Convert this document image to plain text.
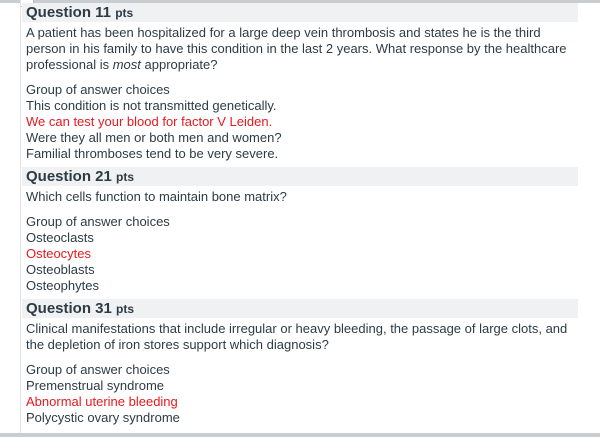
Question 11 pts
A patient has been hospitalized for a large deep vein thrombosis and states he is the third person in his family to have this condition in the last 2 years. What response by the healthcare professional is most appropriate?
Group of answer choices
This condition is not transmitted genetically.
We can test your blood for factor V Leiden.
Were they all men or both men and women?
Familial thromboses tend to be very severe.
Question 21 pts
Which cells function to maintain bone matrix?
Group of answer choices
Osteoclasts
Osteocytes
Osteoblasts
Osteophytes
Question 31 pts
Clinical manifestations that include irregular or heavy bleeding, the passage of large clots, and the depletion of iron stores support which diagnosis?
Group of answer choices
Premenstrual syndrome
Abnormal uterine bleeding
Polycystic ovary syndrome
